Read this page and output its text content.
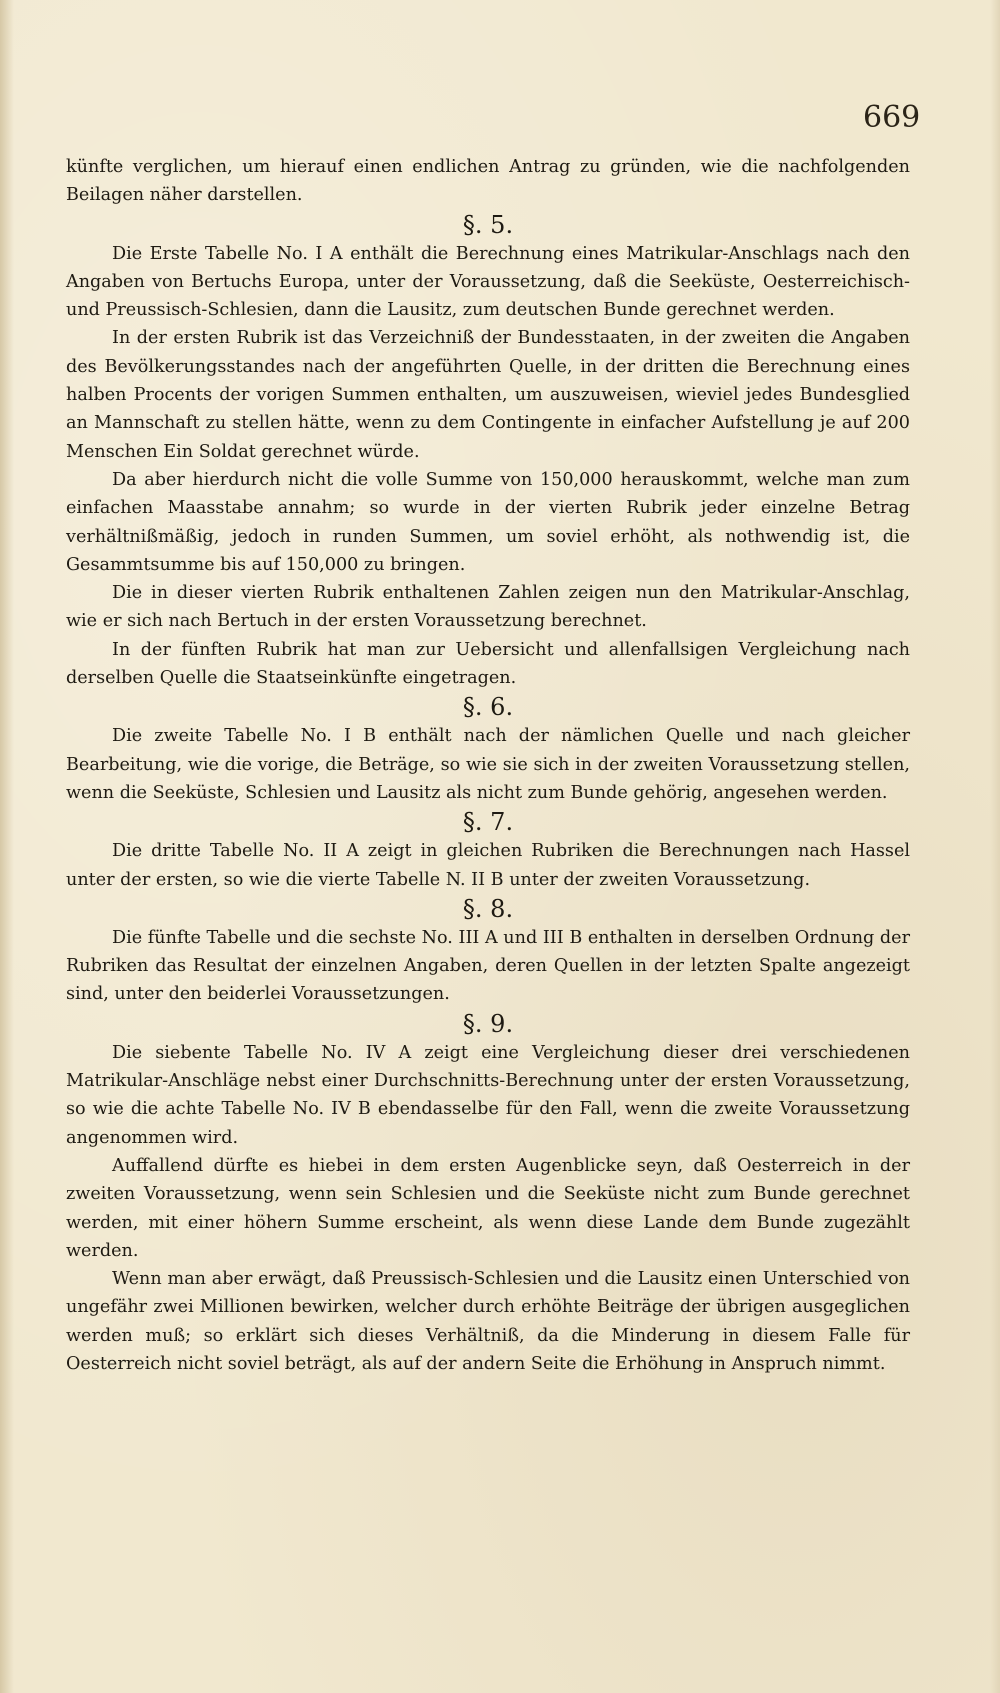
669

künfte verglichen, um hierauf einen endlichen Antrag zu gründen, wie die nachfolgenden Beilagen näher darstellen.

§. 5.

Die Erste Tabelle No. I A enthält die Berechnung eines Matrikular-Anschlags nach den Angaben von Bertuchs Europa, unter der Voraussetzung, daß die Seeküste, Oesterreichisch- und Preussisch-Schlesien, dann die Lausitz, zum deutschen Bunde gerechnet werden.

In der ersten Rubrik ist das Verzeichniß der Bundesstaaten, in der zweiten die Angaben des Bevölkerungsstandes nach der angeführten Quelle, in der dritten die Berechnung eines halben Procents der vorigen Summen enthalten, um auszuweisen, wieviel jedes Bundesglied an Mannschaft zu stellen hätte, wenn zu dem Contingente in einfacher Aufstellung je auf 200 Menschen Ein Soldat gerechnet würde.

Da aber hierdurch nicht die volle Summe von 150,000 herauskommt, welche man zum einfachen Maasstabe annahm; so wurde in der vierten Rubrik jeder einzelne Betrag verhältnißmäßig, jedoch in runden Summen, um soviel erhöht, als nothwendig ist, die Gesammtsumme bis auf 150,000 zu bringen.

Die in dieser vierten Rubrik enthaltenen Zahlen zeigen nun den Matrikular-Anschlag, wie er sich nach Bertuch in der ersten Voraussetzung berechnet.

In der fünften Rubrik hat man zur Uebersicht und allenfallsigen Vergleichung nach derselben Quelle die Staatseinkünfte eingetragen.

§. 6.

Die zweite Tabelle No. I B enthält nach der nämlichen Quelle und nach gleicher Bearbeitung, wie die vorige, die Beträge, so wie sie sich in der zweiten Voraussetzung stellen, wenn die Seeküste, Schlesien und Lausitz als nicht zum Bunde gehörig, angesehen werden.

§. 7.

Die dritte Tabelle No. II A zeigt in gleichen Rubriken die Berechnungen nach Hassel unter der ersten, so wie die vierte Tabelle N. II B unter der zweiten Voraussetzung.

§. 8.

Die fünfte Tabelle und die sechste No. III A und III B enthalten in derselben Ordnung der Rubriken das Resultat der einzelnen Angaben, deren Quellen in der letzten Spalte angezeigt sind, unter den beiderlei Voraussetzungen.

§. 9.

Die siebente Tabelle No. IV A zeigt eine Vergleichung dieser drei verschiedenen Matrikular-Anschläge nebst einer Durchschnitts-Berechnung unter der ersten Voraussetzung, so wie die achte Tabelle No. IV B ebendasselbe für den Fall, wenn die zweite Voraussetzung angenommen wird.

Auffallend dürfte es hiebei in dem ersten Augenblicke seyn, daß Oesterreich in der zweiten Voraussetzung, wenn sein Schlesien und die Seeküste nicht zum Bunde gerechnet werden, mit einer höhern Summe erscheint, als wenn diese Lande dem Bunde zugezählt werden.

Wenn man aber erwägt, daß Preussisch-Schlesien und die Lausitz einen Unterschied von ungefähr zwei Millionen bewirken, welcher durch erhöhte Beiträge der übrigen ausgeglichen werden muß; so erklärt sich dieses Verhältniß, da die Minderung in diesem Falle für Oesterreich nicht soviel beträgt, als auf der andern Seite die Erhöhung in Anspruch nimmt.
